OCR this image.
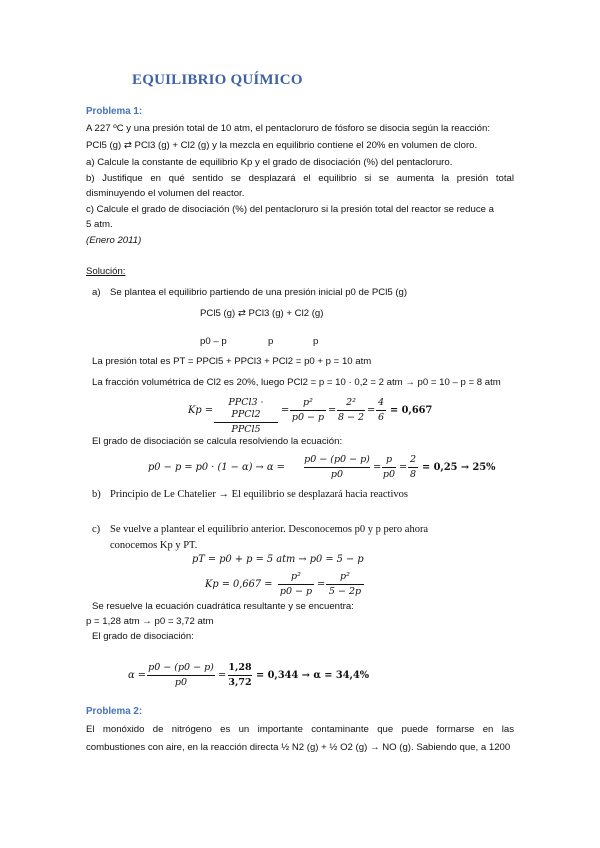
EQUILIBRIO QUÍMICO
Problema 1:
A 227 ºC y una presión total de 10 atm, el pentacloruro de fósforo se disocia según la reacción:
PCl5 (g) ⇄ PCl3 (g) + Cl2 (g) y la mezcla en equilibrio contiene el 20% en volumen de cloro.
a) Calcule la constante de equilibrio Kp y el grado de disociación (%) del pentacloruro.
b) Justifique en qué sentido se desplazará el equilibrio si se aumenta la presión total
disminuyendo el volumen del reactor.
c) Calcule el grado de disociación (%) del pentacloruro si la presión total del reactor se reduce a
5 atm.
(Enero 2011)
Solución:
a) Se plantea el equilibrio partiendo de una presión inicial p0 de PCl5 (g)
PCl5 (g) ⇄ PCl3 (g) + Cl2 (g)
p0 – p	p	p
La presión total es PT = PPCl5 + PPCl3 + PCl2 = p0 + p = 10 atm
La fracción volumétrica de Cl2 es 20%, luego PCl2 = p = 10 · 0,2 = 2 atm → p0 = 10 – p = 8 atm
Kp =
PPCl3 · PPCl2
PPCl5
=
p²
p0 − p
=
2²
8 − 2
=
4
6
= 0,667
El grado de disociación se calcula resolviendo la ecuación:
p0 − p = p0 · (1 − α) → α =
p0 − (p0 − p)
p0
=
p
p0
=
2
8
= 0,25 → 25%
b) Principio de Le Chatelier → El equilibrio se desplazará hacia reactivos
c) Se vuelve a plantear el equilibrio anterior. Desconocemos p0 y p pero ahora
conocemos Kp y PT.
pT = p0 + p = 5 atm → p0 = 5 − p
Kp = 0,667 =
p²
p0 − p
=
p²
5 − 2p
Se resuelve la ecuación cuadrática resultante y se encuentra:
p = 1,28 atm → p0 = 3,72 atm
El grado de disociación:
α =
p0 − (p0 − p)
p0
=
1,28
3,72
= 0,344 → α = 34,4%
Problema 2:
El monóxido de nitrógeno es un importante contaminante que puede formarse en las
combustiones con aire, en la reacción directa ½ N2 (g) + ½ O2 (g) → NO (g). Sabiendo que, a 1200
